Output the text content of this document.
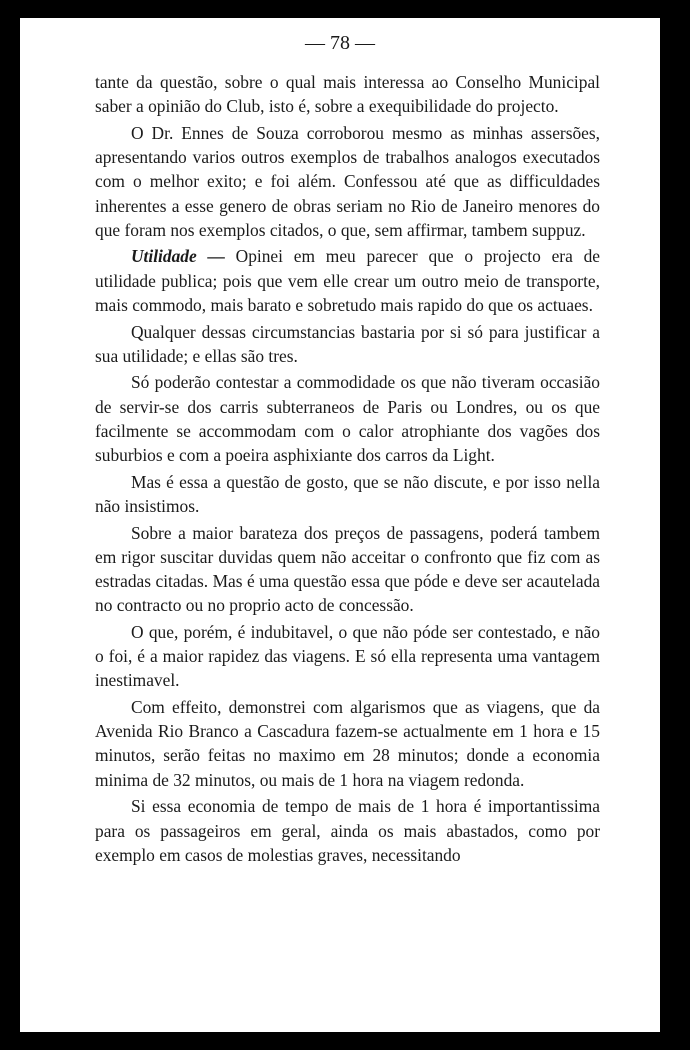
— 78 —

tante da questão, sobre o qual mais interessa ao Conselho Municipal saber a opinião do Club, isto é, sobre a exequibilidade do projecto.

O Dr. Ennes de Souza corroborou mesmo as minhas assersões, apresentando varios outros exemplos de trabalhos analogos executados com o melhor exito; e foi além. Confessou até que as difficuldades inherentes a esse genero de obras seriam no Rio de Janeiro menores do que foram nos exemplos citados, o que, sem affirmar, tambem suppuz.

Utilidade — Opinei em meu parecer que o projecto era de utilidade publica; pois que vem elle crear um outro meio de transporte, mais commodo, mais barato e sobretudo mais rapido do que os actuaes.

Qualquer dessas circumstancias bastaria por si só para justificar a sua utilidade; e ellas são tres.

Só poderão contestar a commodidade os que não tiveram occasião de servir-se dos carris subterraneos de Paris ou Londres, ou os que facilmente se accommodam com o calor atrophiante dos vagões dos suburbios e com a poeira asphixiante dos carros da Light.

Mas é essa a questão de gosto, que se não discute, e por isso nella não insistimos.

Sobre a maior barateza dos preços de passagens, poderá tambem em rigor suscitar duvidas quem não acceitar o confronto que fiz com as estradas citadas. Mas é uma questão essa que póde e deve ser acautelada no contracto ou no proprio acto de concessão.

O que, porém, é indubitavel, o que não póde ser contestado, e não o foi, é a maior rapidez das viagens. E só ella representa uma vantagem inestimavel.

Com effeito, demonstrei com algarismos que as viagens, que da Avenida Rio Branco a Cascadura fazem-se actualmente em 1 hora e 15 minutos, serão feitas no maximo em 28 minutos; donde a economia minima de 32 minutos, ou mais de 1 hora na viagem redonda.

Si essa economia de tempo de mais de 1 hora é importantissima para os passageiros em geral, ainda os mais abastados, como por exemplo em casos de molestias graves, necessitando
